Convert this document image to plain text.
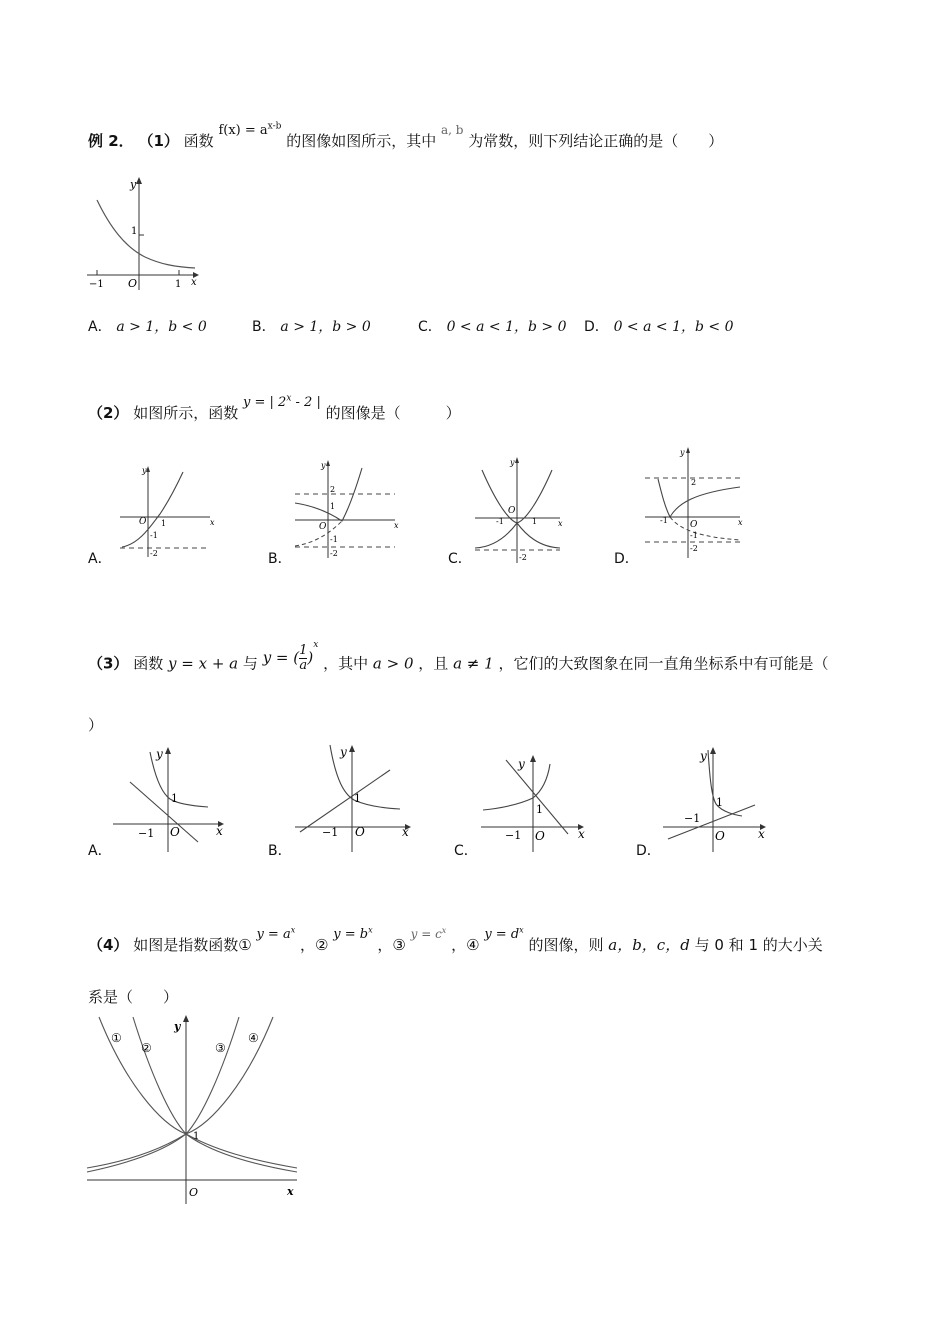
例 2． （1） 函数 $f(x) = a^{x-b}$ 的图像如图所示，其中 $^{a, b}$ 为常数，则下列结论正确的是（　　）
y
x
O
1
−1	1
A． a > 1，b < 0	B． a > 1，b > 0	C． 0 < a < 1，b > 0 D． 0 < a < 1，b < 0
（2） 如图所示，函数 y = | 2$^x$ - 2 | 的图像是（　　　）
y
x
O 1
-1
-2
A．
y
x
O
2
1
-1
-2
B．
y
x
O
-1	1
-2
C．
y
x
O
-1
2
-1
-2
D．
（3） 函数 y = x + a 与 y = ( $\frac{1}{a} )^x$ ，其中 a > 0 ，且 a ≠ 1 ，它们的大致图象在同一直角坐标系中有可能是（
）
y
x
O
1
−1
A．
y
x
O
1
−1
B．
y
x
O
1
−1
C．
y
x
O
1
−1
D．
（4） 如图是指数函数① $y = a^x$ ，② $y = b^x$ ，③ $^{y = c^x}$ ，④ $y = d^x$ 的图像，则 a，b，c，d 与 0 和 1 的大小关
系是（　　）
y
x
O
1
①
②	③
④
